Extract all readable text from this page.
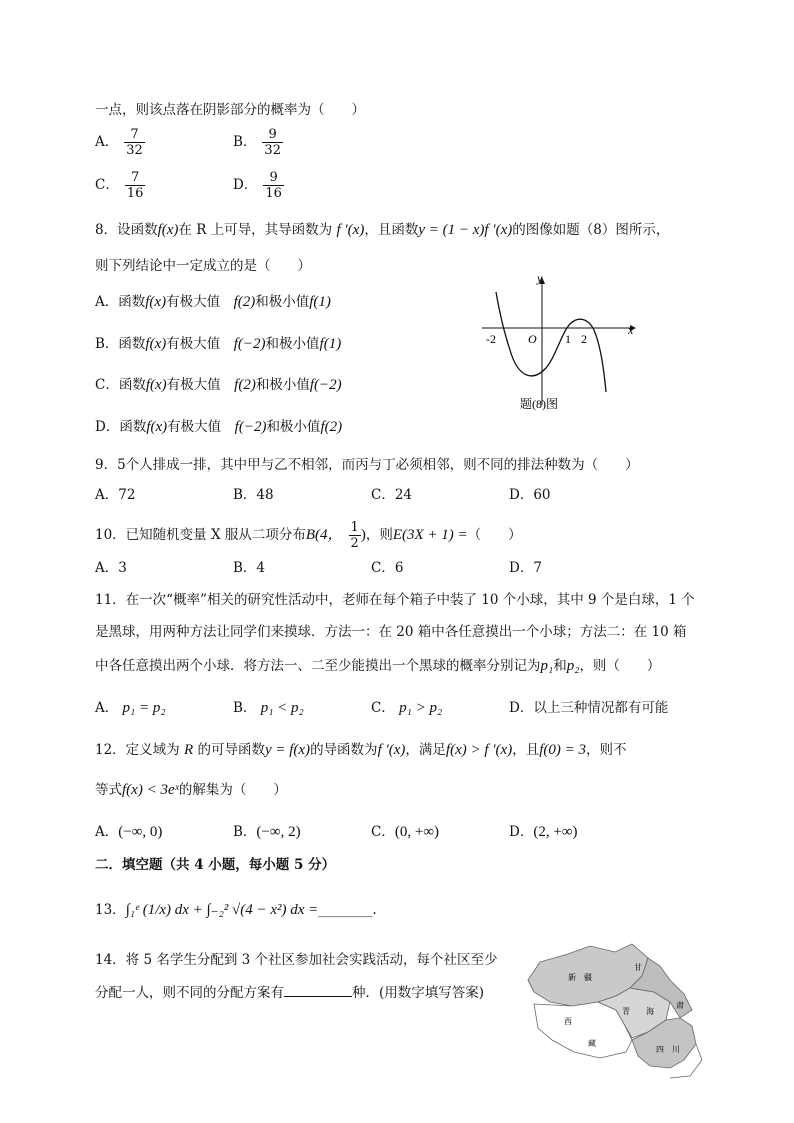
一点，则该点落在阴影部分的概率为（　　）
A． $\frac{7}{32}$	B． $\frac{9}{32}$
C． $\frac{7}{16}$	D． $\frac{9}{16}$
8．设函数f(x)在 R 上可导，其导函数为 f ′(x)，且函数y = (1 − x)f ′(x)的图像如题（8）图所示，
则下列结论中一定成立的是（　　）
A．函数f(x)有极大值　 f(2)和极小值f(1)
B．函数f(x)有极大值　 f(−2)和极小值f(1)
C．函数f(x)有极大值　 f(2)和极小值f(−2)
D．函数f(x)有极大值　 f(−2)和极小值f(2)
y
x
O
-2	1 2
题(8)图
9．5个人排成一排，其中甲与乙不相邻，而丙与丁必须相邻，则不同的排法种数为（　　）
A．72	B．48	C．24	D．60
10．已知随机变量 X 服从二项分布B(4， $\frac{1}{2}$ )，则E(3X + 1) =（　　）
A．3	B．4	C．6	D．7
11．在一次“概率”相关的研究性活动中，老师在每个箱子中装了 10 个小球，其中 9 个是白球，1 个
是黑球，用两种方法让同学们来摸球．方法一：在 20 箱中各任意摸出一个小球；方法二：在 10 箱
中各任意摸出两个小球．将方法一、二至少能摸出一个黑球的概率分别记为p₁和p₂，则（　　）
A． p₁ = p₂	B． p₁ < p₂	C． p₁ > p₂	D．以上三种情况都有可能
12．定义域为 R 的可导函数y = f(x)的导函数为f ′(x)，满足f(x) > f ′(x)，且f(0) = 3，则不
等式f(x) < 3eˣ的解集为（　　）
A．(−∞, 0)	B．(−∞, 2)	C．(0, +∞)	D．(2, +∞)
二．填空题（共 4 小题，每小题 5 分）
13．∫₁ᵉ (1/x) dx + ∫₋₂² √(4 − x²) dx =________.
14．将 5 名学生分配到 3 个社区参加社会实践活动，每个社区至少
分配一人，则不同的分配方案有	种．(用数字填写答案)
新　疆
甘
青　　海
西
藏
四　川
肃
